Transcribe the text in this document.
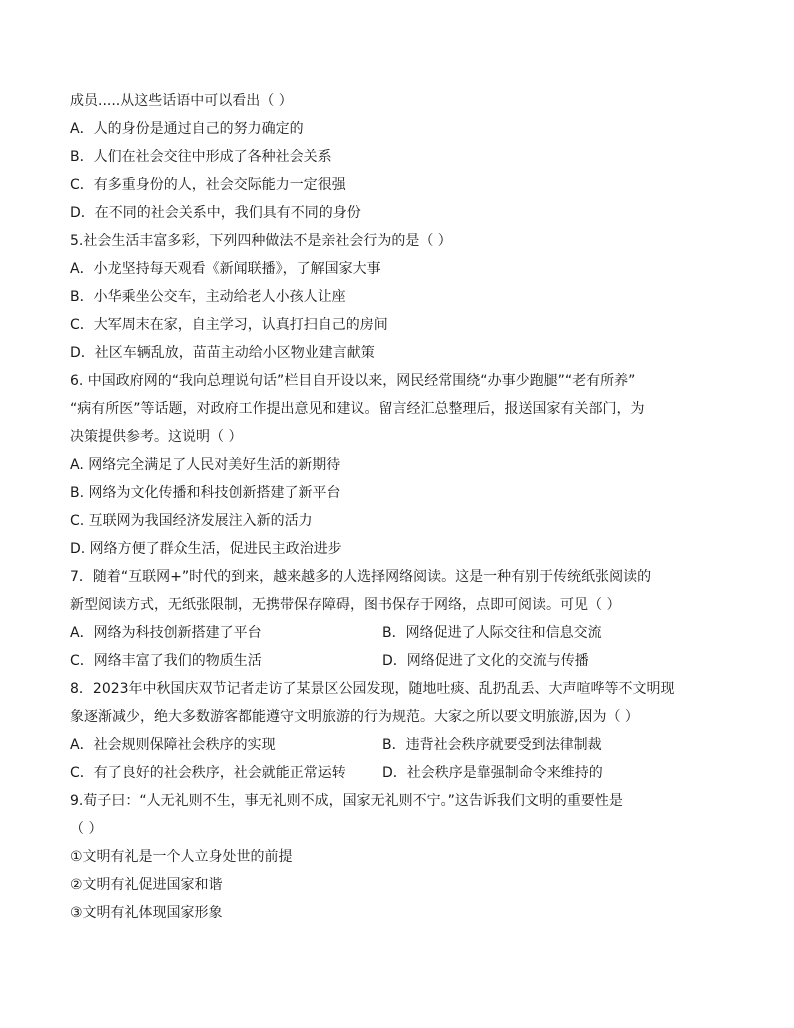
成员.....从这些话语中可以看出（ ）
A．人的身份是通过自己的努力确定的
B．人们在社会交往中形成了各种社会关系
C．有多重身份的人，社会交际能力一定很强
D．在不同的社会关系中，我们具有不同的身份
5.社会生活丰富多彩，下列四种做法不是亲社会行为的是（ ）
A．小龙坚持每天观看《新闻联播》，了解国家大事
B．小华乘坐公交车，主动给老人小孩人让座
C．大军周末在家，自主学习，认真打扫自己的房间
D．社区车辆乱放，苗苗主动给小区物业建言献策
6. 中国政府网的“我向总理说句话”栏目自开设以来，网民经常围绕“办事少跑腿”“老有所养”
“病有所医”等话题，对政府工作提出意见和建议。留言经汇总整理后，报送国家有关部门，为
决策提供参考。这说明（ ）
A. 网络完全满足了人民对美好生活的新期待
B. 网络为文化传播和科技创新搭建了新平台
C. 互联网为我国经济发展注入新的活力
D. 网络方便了群众生活，促进民主政治进步
7．随着“互联网+”时代的到来，越来越多的人选择网络阅读。这是一种有别于传统纸张阅读的
新型阅读方式，无纸张限制，无携带保存障碍，图书保存于网络，点即可阅读。可见（ ）
A．网络为科技创新搭建了平台	B．网络促进了人际交往和信息交流
C．网络丰富了我们的物质生活	D．网络促进了文化的交流与传播
8．2023年中秋国庆双节记者走访了某景区公园发现，随地吐痰、乱扔乱丢、大声喧哗等不文明现
象逐渐减少，绝大多数游客都能遵守文明旅游的行为规范。大家之所以要文明旅游,因为（ ）
A．社会规则保障社会秩序的实现	B．违背社会秩序就要受到法律制裁
C．有了良好的社会秩序，社会就能正常运转	D．社会秩序是靠强制命令来维持的
9.荀子曰：“人无礼则不生，事无礼则不成，国家无礼则不宁。”这告诉我们文明的重要性是
（ ）
①文明有礼是一个人立身处世的前提
②文明有礼促进国家和谐
③文明有礼体现国家形象
